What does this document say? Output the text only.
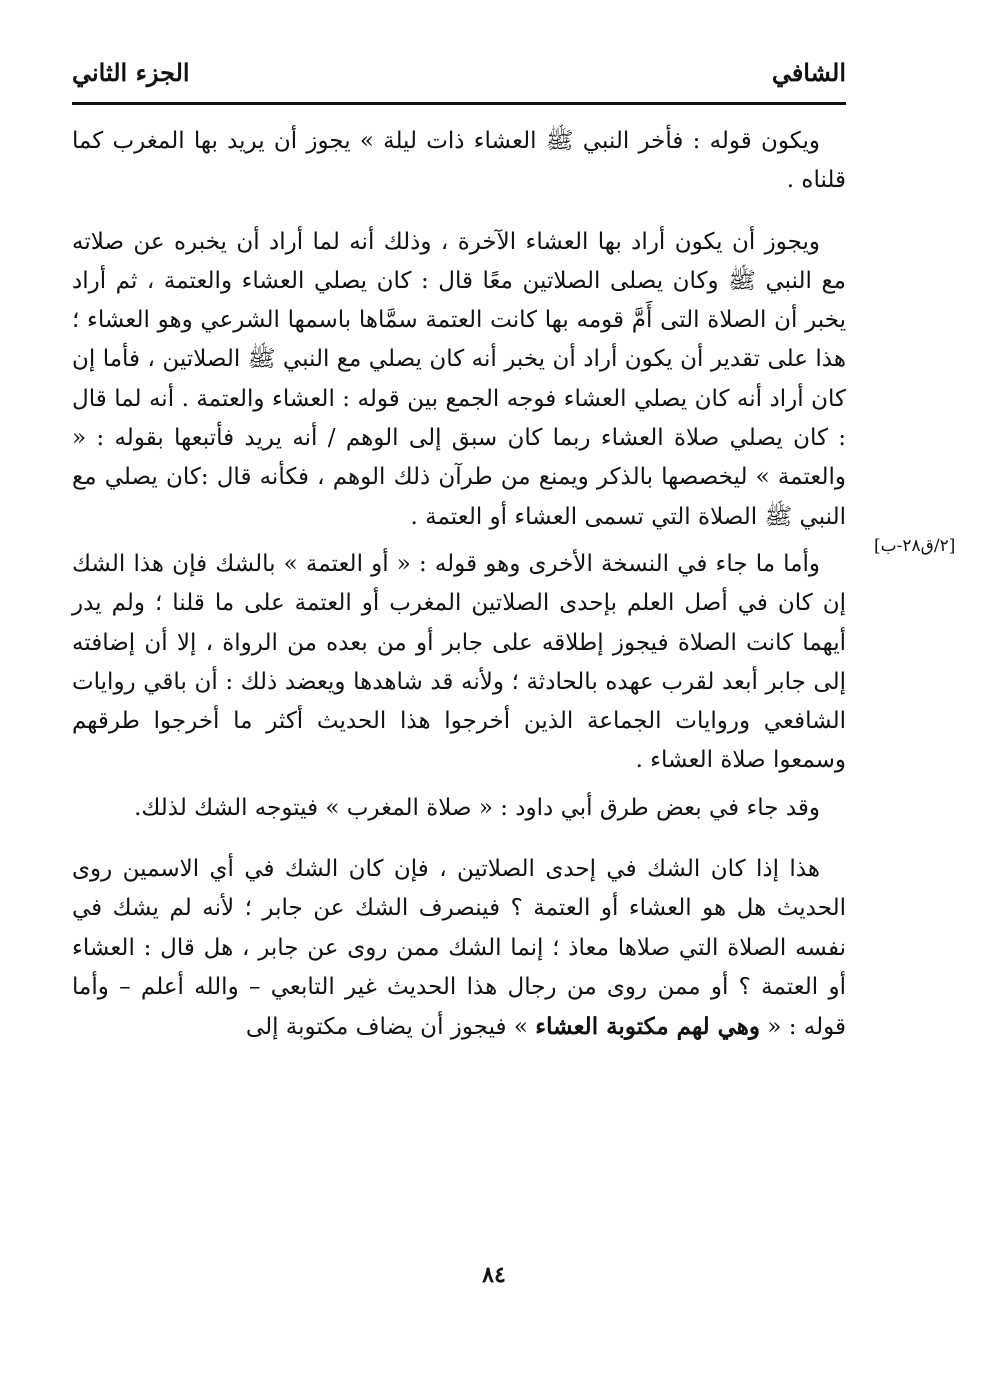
الشافي
الجزء الثاني

ويكون قوله : فأخر النبي ﷺ العشاء ذات ليلة » يجوز أن يريد بها المغرب كما قلناه .

ويجوز أن يكون أراد بها العشاء الآخرة ، وذلك أنه لما أراد أن يخبره عن صلاته مع النبي ﷺ وكان يصلى الصلاتين معًا قال : كان يصلي العشاء والعتمة ، ثم أراد يخبر أن الصلاة التى أَمَّ قومه بها كانت العتمة سمَّاها باسمها الشرعي وهو العشاء ؛ هذا على تقدير أن يكون أراد أن يخبر أنه كان يصلي مع النبي ﷺ الصلاتين ، فأما إن كان أراد أنه كان يصلي العشاء فوجه الجمع بين قوله : العشاء والعتمة . أنه لما قال : كان يصلي صلاة العشاء ربما كان سبق إلى الوهم / أنه يريد فأتبعها بقوله : « والعتمة » ليخصصها بالذكر ويمنع من طرآن ذلك الوهم ، فكأنه قال :كان يصلي مع النبي ﷺ الصلاة التي تسمى العشاء أو العتمة .

وأما ما جاء في النسخة الأخرى وهو قوله : « أو العتمة » بالشك فإن هذا الشك إن كان في أصل العلم بإحدى الصلاتين المغرب أو العتمة على ما قلنا ؛ ولم يدر أيهما كانت الصلاة فيجوز إطلاقه على جابر أو من بعده من الرواة ، إلا أن إضافته إلى جابر أبعد لقرب عهده بالحادثة ؛ ولأنه قد شاهدها ويعضد ذلك : أن باقي روايات الشافعي وروايات الجماعة الذين أخرجوا هذا الحديث أكثر ما أخرجوا طرقهم وسمعوا صلاة العشاء .

وقد جاء في بعض طرق أبي داود : « صلاة المغرب » فيتوجه الشك لذلك.

هذا إذا كان الشك في إحدى الصلاتين ، فإن كان الشك في أي الاسمين روى الحديث هل هو العشاء أو العتمة ؟ فينصرف الشك عن جابر ؛ لأنه لم يشك في نفسه الصلاة التي صلاها معاذ ؛ إنما الشك ممن روى عن جابر ، هل قال : العشاء أو العتمة ؟ أو ممن روى من رجال هذا الحديث غير التابعي – والله أعلم – وأما قوله : « وهي لهم مكتوبة العشاء » فيجوز أن يضاف مكتوبة إلى

[٢/ق٢٨-ب]
٨٤
